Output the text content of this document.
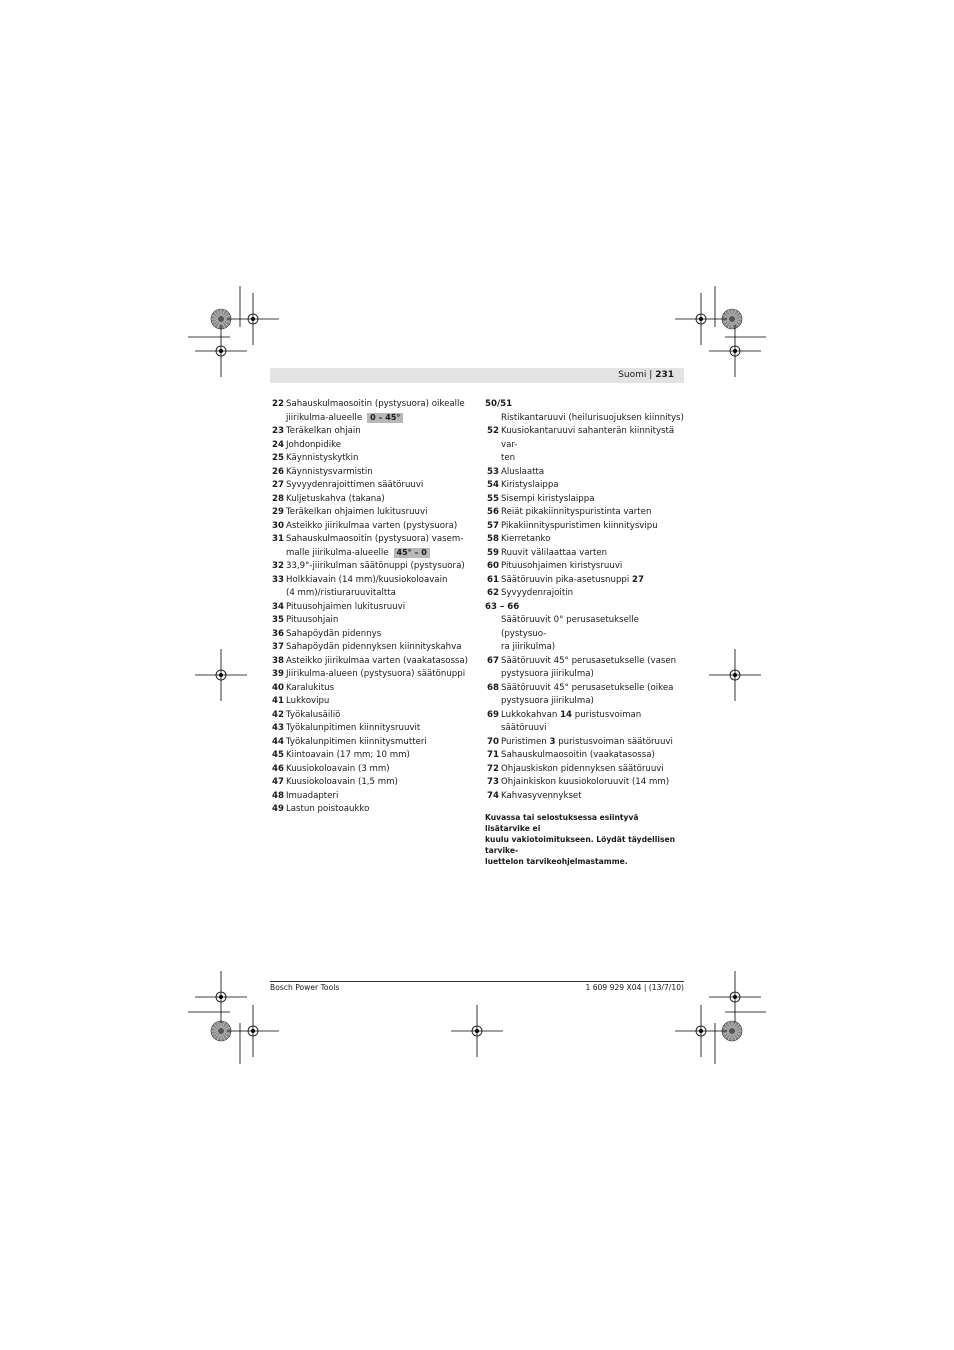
Suomi | 231
22 Sahauskulmaosoitin (pystysuora) oikealle
jiirikulma-alueelle 0 – 45°
23 Teräkelkan ohjain
24 Johdonpidike
25 Käynnistyskytkin
26 Käynnistysvarmistin
27 Syvyydenrajoittimen säätöruuvi
28 Kuljetuskahva (takana)
29 Teräkelkan ohjaimen lukitusruuvi
30 Asteikko jiirikulmaa varten (pystysuora)
31 Sahauskulmaosoitin (pystysuora) vasem-
malle jiirikulma-alueelle 45° – 0
32 33,9°-jiirikulman säätönuppi (pystysuora)
33 Holkkiavain (14 mm)/kuusiokoloavain
(4 mm)/ristiuraruuvitaltta
34 Pituusohjaimen lukitusruuvi
35 Pituusohjain
36 Sahapöydän pidennys
37 Sahapöydän pidennyksen kiinnityskahva
38 Asteikko jiirikulmaa varten (vaakatasossa)
39 Jiirikulma-alueen (pystysuora) säätönuppi
40 Karalukitus
41 Lukkovipu
42 Työkalusäiliö
43 Työkalunpitimen kiinnitysruuvit
44 Työkalunpitimen kiinnitysmutteri
45 Kiintoavain (17 mm; 10 mm)
46 Kuusiokoloavain (3 mm)
47 Kuusiokoloavain (1,5 mm)
48 Imuadapteri
49 Lastun poistoaukko
50/51
Ristikantaruuvi (heilurisuojuksen kiinnitys)
52 Kuusiokantaruuvi sahanterän kiinnitystä var-
ten
53 Aluslaatta
54 Kiristyslaippa
55 Sisempi kiristyslaippa
56 Reiät pikakiinnityspuristinta varten
57 Pikakiinnityspuristimen kiinnitysvipu
58 Kierretanko
59 Ruuvit välilaattaa varten
60 Pituusohjaimen kiristysruuvi
61 Säätöruuvin pika-asetusnuppi 27
62 Syvyydenrajoitin
63 – 66
Säätöruuvit 0° perusasetukselle (pystysuo-
ra jiirikulma)
67 Säätöruuvit 45° perusasetukselle (vasen
pystysuora jiirikulma)
68 Säätöruuvit 45° perusasetukselle (oikea
pystysuora jiirikulma)
69 Lukkokahvan 14 puristusvoiman säätöruuvi
70 Puristimen 3 puristusvoiman säätöruuvi
71 Sahauskulmaosoitin (vaakatasossa)
72 Ohjauskiskon pidennyksen säätöruuvi
73 Ohjainkiskon kuusiokoloruuvit (14 mm)
74 Kahvasyvennykset
Kuvassa tai selostuksessa esiintyvä lisätarvike ei
kuulu vakiotoimitukseen. Löydät täydellisen tarvike-
luettelon tarvikeohjelmastamme.
Bosch Power Tools	1 609 929 X04 | (13/7/10)
